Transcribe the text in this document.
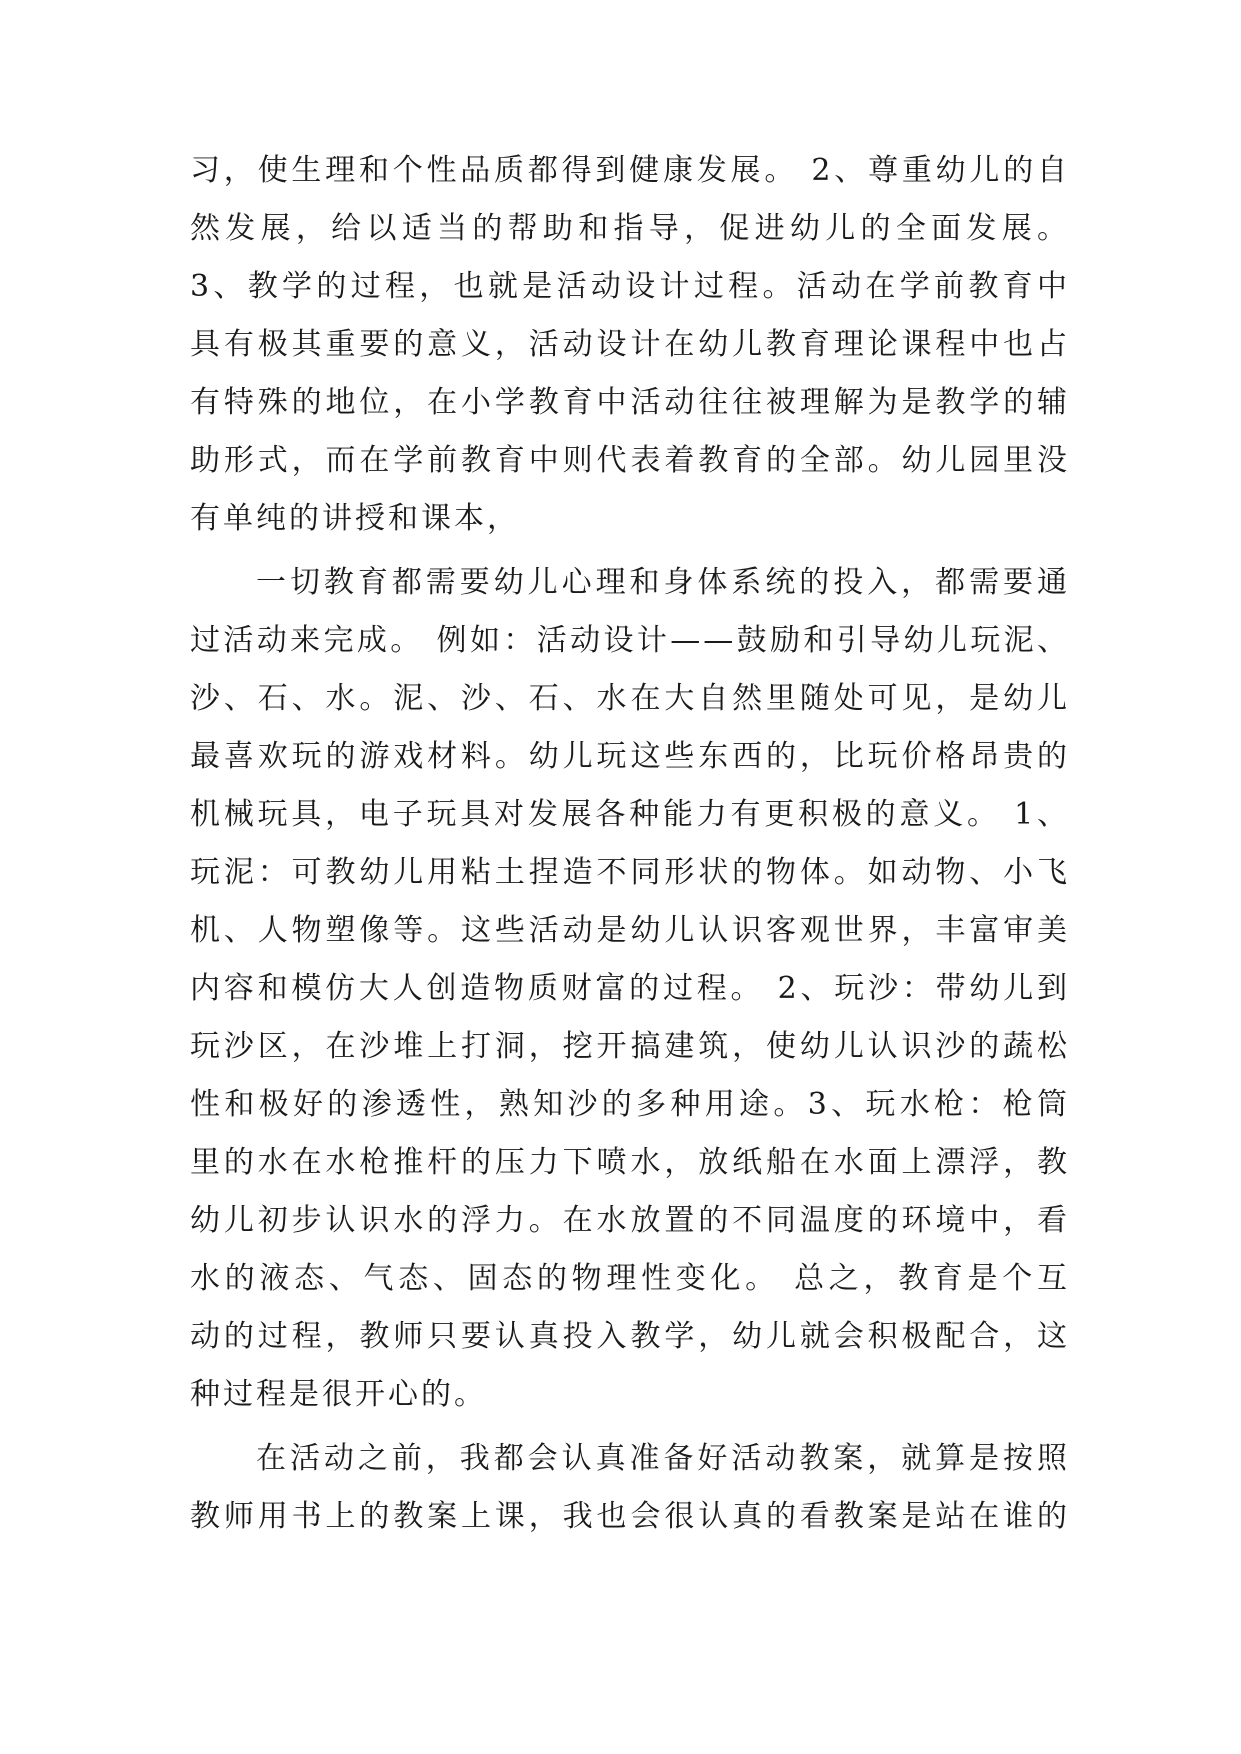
习，使生理和个性品质都得到健康发展。 2、尊重幼儿的自
然发展，给以适当的帮助和指导，促进幼儿的全面发展。
3、教学的过程，也就是活动设计过程。活动在学前教育中
具有极其重要的意义，活动设计在幼儿教育理论课程中也占
有特殊的地位，在小学教育中活动往往被理解为是教学的辅
助形式，而在学前教育中则代表着教育的全部。幼儿园里没
有单纯的讲授和课本，
一切教育都需要幼儿心理和身体系统的投入，都需要通
过活动来完成。 例如：活动设计——鼓励和引导幼儿玩泥、
沙、石、水。泥、沙、石、水在大自然里随处可见，是幼儿
最喜欢玩的游戏材料。幼儿玩这些东西的，比玩价格昂贵的
机械玩具，电子玩具对发展各种能力有更积极的意义。 1、
玩泥：可教幼儿用粘土捏造不同形状的物体。如动物、小飞
机、人物塑像等。这些活动是幼儿认识客观世界，丰富审美
内容和模仿大人创造物质财富的过程。 2、玩沙：带幼儿到
玩沙区，在沙堆上打洞，挖开搞建筑，使幼儿认识沙的蔬松
性和极好的渗透性，熟知沙的多种用途。3、玩水枪：枪筒
里的水在水枪推杆的压力下喷水，放纸船在水面上漂浮，教
幼儿初步认识水的浮力。在水放置的不同温度的环境中，看
水的液态、气态、固态的物理性变化。 总之，教育是个互
动的过程，教师只要认真投入教学，幼儿就会积极配合，这
种过程是很开心的。
在活动之前，我都会认真准备好活动教案，就算是按照
教师用书上的教案上课，我也会很认真的看教案是站在谁的
